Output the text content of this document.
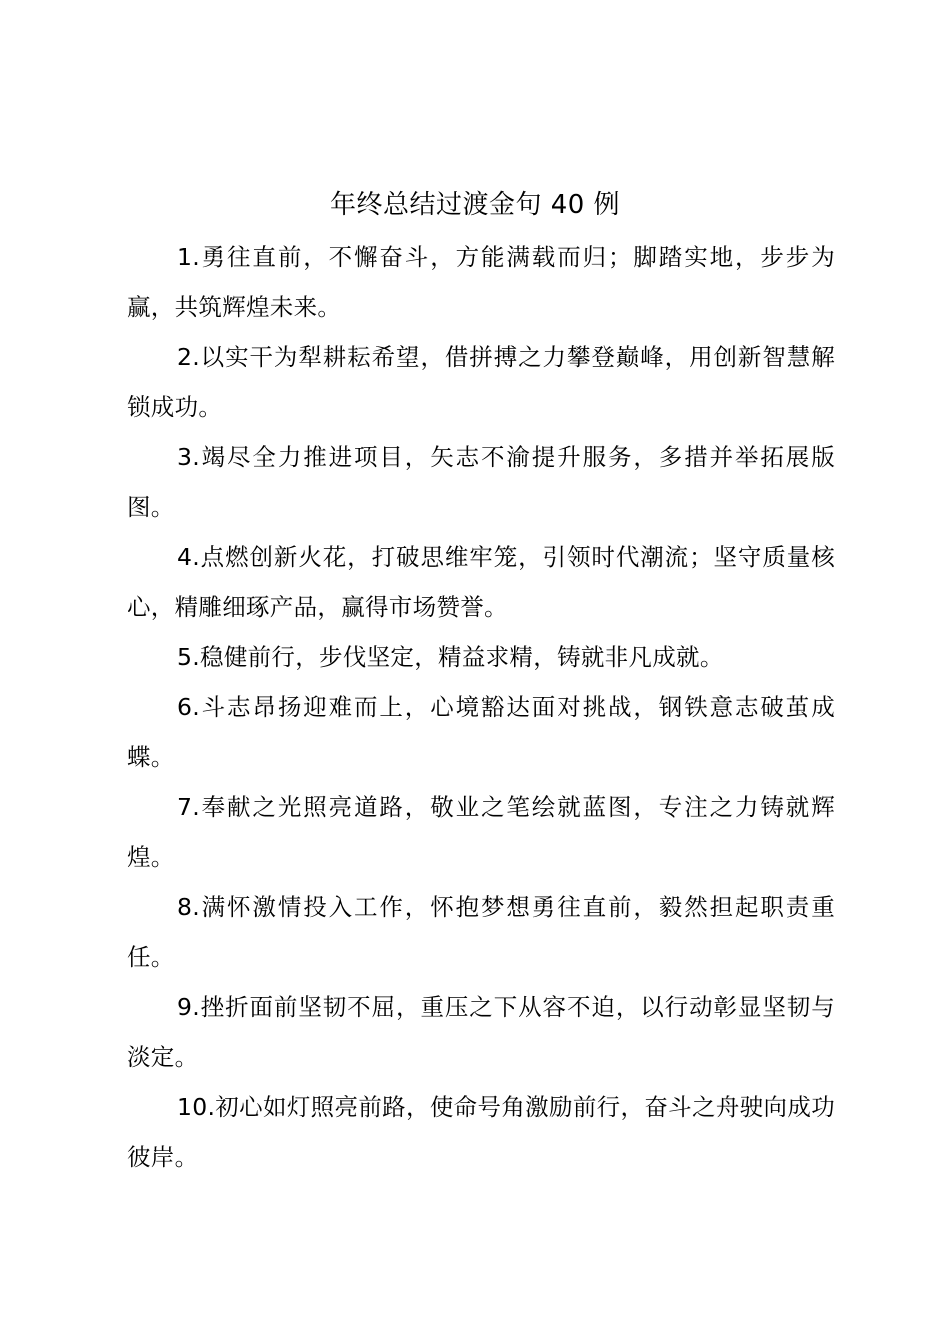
年终总结过渡金句 40 例

1.勇往直前，不懈奋斗，方能满载而归；脚踏实地，步步为赢，共筑辉煌未来。

2.以实干为犁耕耘希望，借拼搏之力攀登巅峰，用创新智慧解锁成功。

3.竭尽全力推进项目，矢志不渝提升服务，多措并举拓展版图。

4.点燃创新火花，打破思维牢笼，引领时代潮流；坚守质量核心，精雕细琢产品，赢得市场赞誉。

5.稳健前行，步伐坚定，精益求精，铸就非凡成就。

6.斗志昂扬迎难而上，心境豁达面对挑战，钢铁意志破茧成蝶。

7.奉献之光照亮道路，敬业之笔绘就蓝图，专注之力铸就辉煌。

8.满怀激情投入工作，怀抱梦想勇往直前，毅然担起职责重任。

9.挫折面前坚韧不屈，重压之下从容不迫，以行动彰显坚韧与淡定。

10.初心如灯照亮前路，使命号角激励前行，奋斗之舟驶向成功彼岸。
